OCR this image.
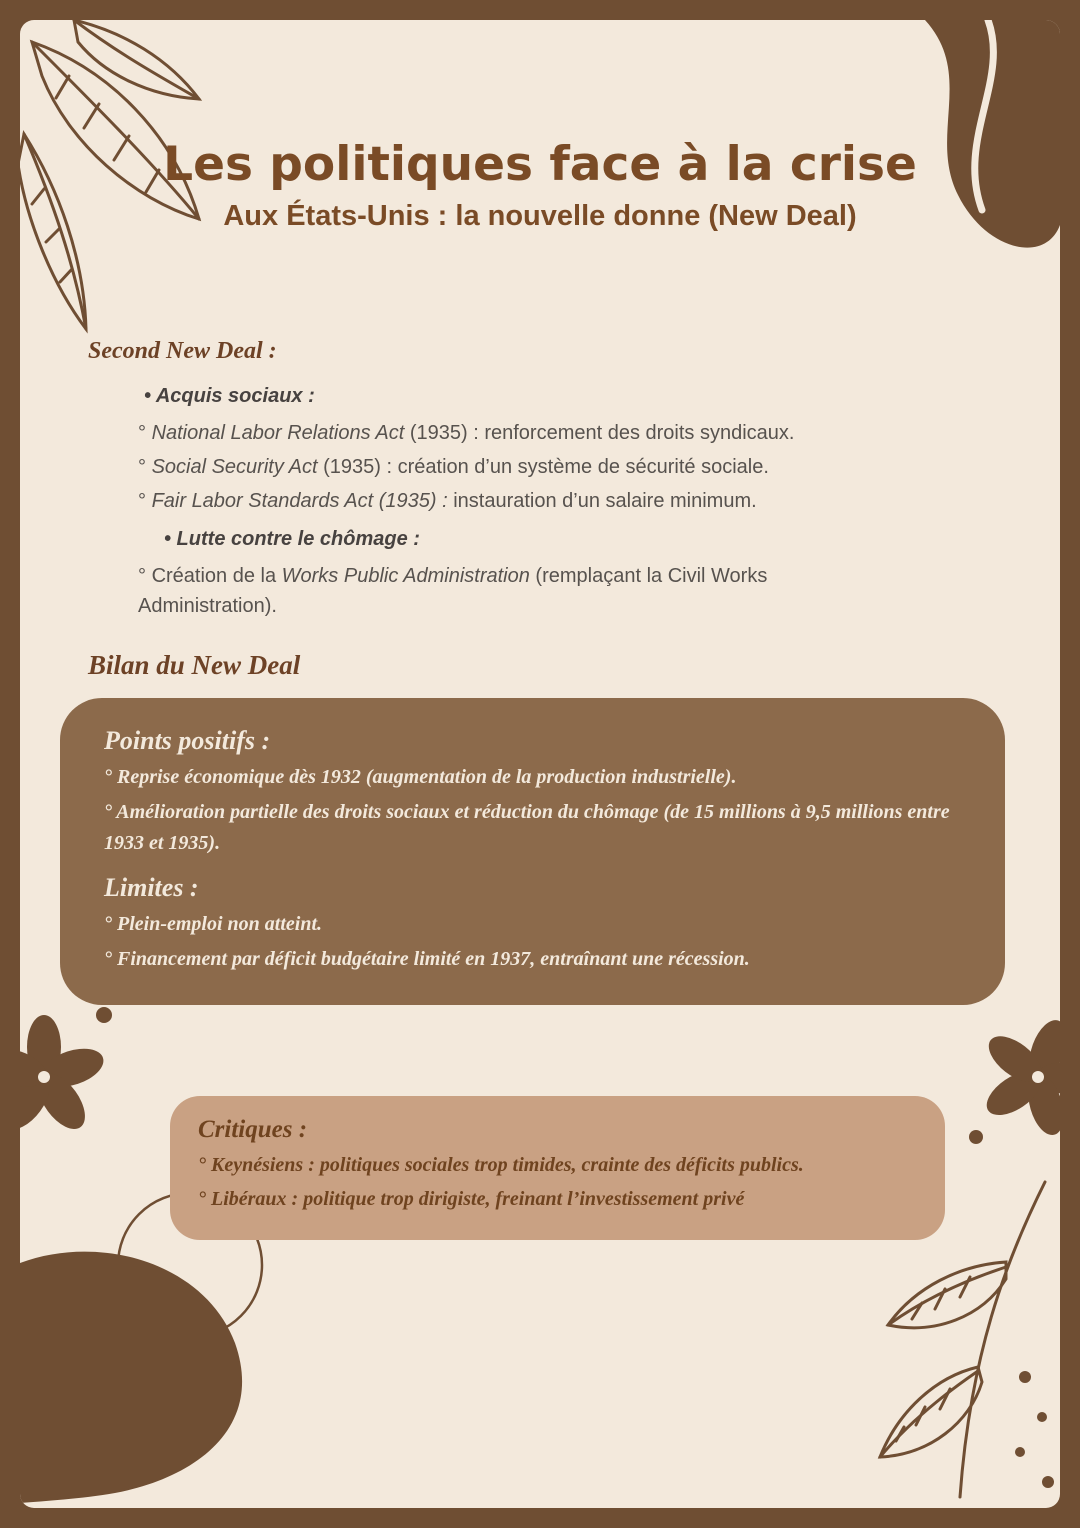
Les politiques face à la crise
Aux États-Unis : la nouvelle donne (New Deal)
Second New Deal :

• Acquis sociaux :

° National Labor Relations Act (1935) : renforcement des droits syndicaux.

° Social Security Act (1935) : création d’un système de sécurité sociale.

° Fair Labor Standards Act (1935) : instauration d’un salaire minimum.

• Lutte contre le chômage :

° Création de la Works Public Administration (remplaçant la Civil Works Administration).

Bilan du New Deal
Points positifs :

° Reprise économique dès 1932 (augmentation de la production industrielle).

° Amélioration partielle des droits sociaux et réduction du chômage (de 15 millions à 9,5 millions entre 1933 et 1935).

Limites :

° Plein-emploi non atteint.

° Financement par déficit budgétaire limité en 1937, entraînant une récession.

Critiques :

° Keynésiens : politiques sociales trop timides, crainte des déficits publics.

° Libéraux : politique trop dirigiste, freinant l’investissement privé
